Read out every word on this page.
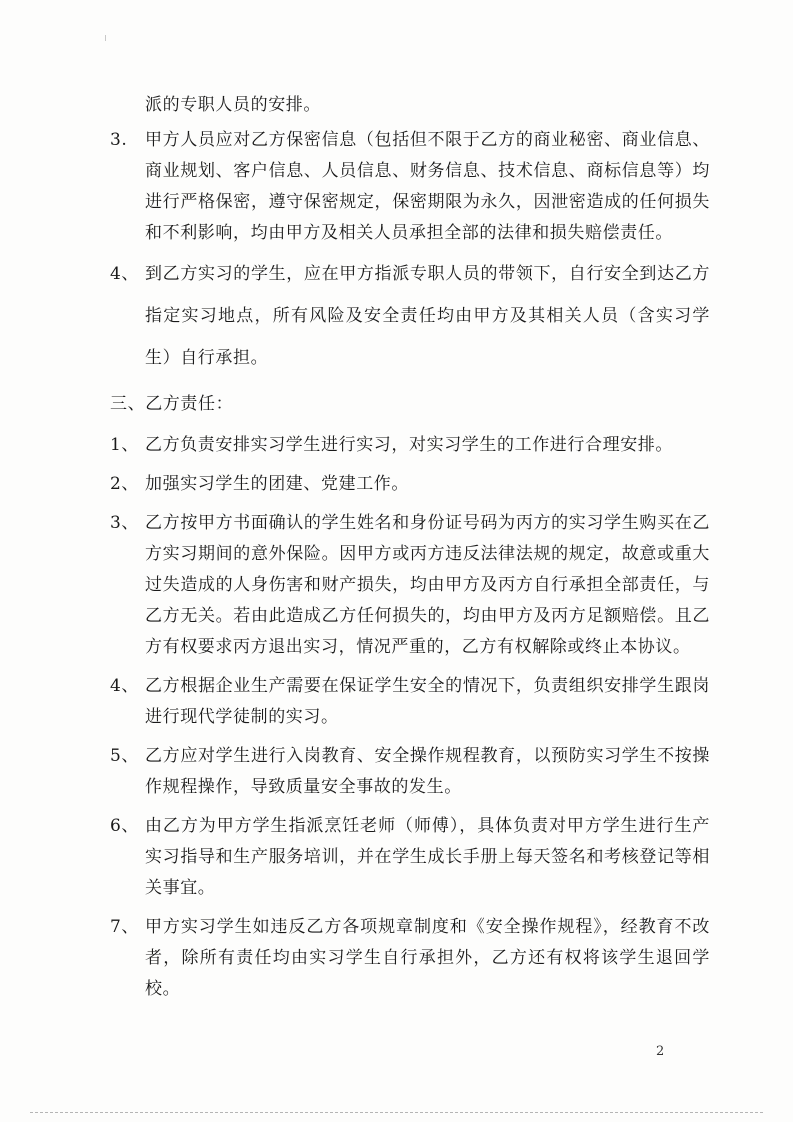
派的专职人员的安排。
3.	甲方人员应对乙方保密信息（包括但不限于乙方的商业秘密、商业信息、商业规划、客户信息、人员信息、财务信息、技术信息、商标信息等）均进行严格保密，遵守保密规定，保密期限为永久，因泄密造成的任何损失和不利影响，均由甲方及相关人员承担全部的法律和损失赔偿责任。
4、 到乙方实习的学生，应在甲方指派专职人员的带领下，自行安全到达乙方指定实习地点，所有风险及安全责任均由甲方及其相关人员（含实习学生）自行承担。
三、乙方责任：
1、 乙方负责安排实习学生进行实习，对实习学生的工作进行合理安排。
2、 加强实习学生的团建、党建工作。
3、 乙方按甲方书面确认的学生姓名和身份证号码为丙方的实习学生购买在乙方实习期间的意外保险。因甲方或丙方违反法律法规的规定，故意或重大过失造成的人身伤害和财产损失，均由甲方及丙方自行承担全部责任，与乙方无关。若由此造成乙方任何损失的，均由甲方及丙方足额赔偿。且乙方有权要求丙方退出实习，情况严重的，乙方有权解除或终止本协议。
4、 乙方根据企业生产需要在保证学生安全的情况下，负责组织安排学生跟岗进行现代学徒制的实习。
5、 乙方应对学生进行入岗教育、安全操作规程教育，以预防实习学生不按操作规程操作，导致质量安全事故的发生。
6、 由乙方为甲方学生指派烹饪老师（师傅），具体负责对甲方学生进行生产实习指导和生产服务培训，并在学生成长手册上每天签名和考核登记等相关事宜。
7、 甲方实习学生如违反乙方各项规章制度和《安全操作规程》，经教育不改者，除所有责任均由实习学生自行承担外，乙方还有权将该学生退回学校。
2
